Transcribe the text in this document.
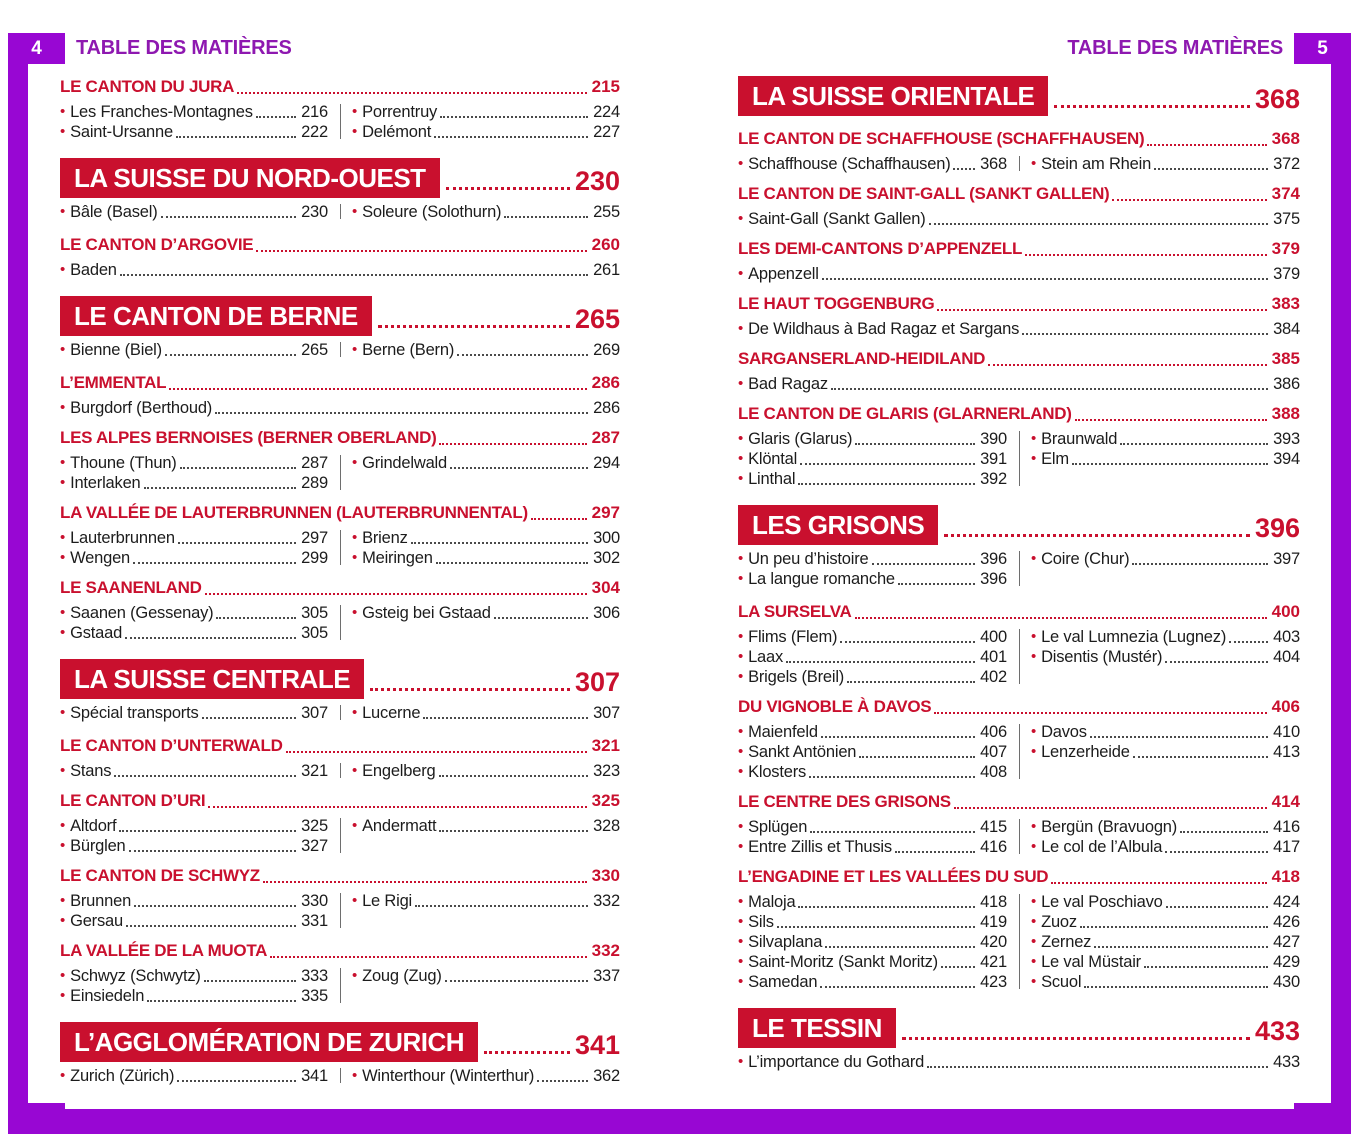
4 TABLE DES MATIÈRES	TABLE DES MATIÈRES 5
LE CANTON DU JURA	215
• Les Franches-Montagnes	216
• Saint-Ursanne	222
• Porrentruy	224
• Delémont	227
LA SUISSE DU NORD-OUEST	230
• Bâle (Basel)	230 • Soleure (Solothurn)	255
LE CANTON D’ARGOVIE	260
• Baden	261
LE CANTON DE BERNE	265
• Bienne (Biel)	265 • Berne (Bern)	269
L’EMMENTAL	286
• Burgdorf (Berthoud)	286
LES ALPES BERNOISES (BERNER OBERLAND)	287
• Thoune (Thun)	287
• Interlaken	289
• Grindelwald	294
LA VALLÉE DE LAUTERBRUNNEN (LAUTERBRUNNENTAL)	297
• Lauterbrunnen	297
• Wengen	299
• Brienz	300
• Meiringen	302
LE SAANENLAND	304
• Saanen (Gessenay)	305
• Gstaad	305
• Gsteig bei Gstaad	306
LA SUISSE CENTRALE	307
• Spécial transports	307 • Lucerne	307
LE CANTON D’UNTERWALD	321
• Stans	321 • Engelberg	323
LE CANTON D’URI	325
• Altdorf	325
• Bürglen	327
• Andermatt	328
LE CANTON DE SCHWYZ	330
• Brunnen	330
• Gersau	331
• Le Rigi	332
LA VALLÉE DE LA MUOTA	332
• Schwyz (Schwytz)	333
• Einsiedeln	335
• Zoug (Zug)	337
L’AGGLOMÉRATION DE ZURICH	341
• Zurich (Zürich)	341 • Winterthour (Winterthur)	362
LA SUISSE ORIENTALE	368
LE CANTON DE SCHAFFHOUSE (SCHAFFHAUSEN)	368
• Schaffhouse (Schaffhausen) 368 • Stein am Rhein	372
LE CANTON DE SAINT-GALL (SANKT GALLEN)	374
• Saint-Gall (Sankt Gallen)	375
LES DEMI-CANTONS D’APPENZELL	379
• Appenzell	379
LE HAUT TOGGENBURG	383
• De Wildhaus à Bad Ragaz et Sargans	384
SARGANSERLAND-HEIDILAND	385
• Bad Ragaz	386
LE CANTON DE GLARIS (GLARNERLAND)	388
• Glaris (Glarus)	390
• Klöntal	391
• Linthal	392
• Braunwald	393
• Elm	394
LES GRISONS	396
• Un peu d’histoire	396
• La langue romanche	396
• Coire (Chur)	397
LA SURSELVA	400
• Flims (Flem)	400
• Laax	401
• Brigels (Breil)	402
• Le val Lumnezia (Lugnez)	403
• Disentis (Mustér)	404
DU VIGNOBLE À DAVOS	406
• Maienfeld	406
• Sankt Antönien	407
• Klosters	408
• Davos	410
• Lenzerheide	413
LE CENTRE DES GRISONS	414
• Splügen	415
• Entre Zillis et Thusis	416
• Bergün (Bravuogn)	416
• Le col de l’Albula	417
L’ENGADINE ET LES VALLÉES DU SUD	418
• Maloja	418
• Sils	419
• Silvaplana	420
• Saint-Moritz (Sankt Moritz)	421
• Samedan	423
• Le val Poschiavo	424
• Zuoz	426
• Zernez	427
• Le val Müstair	429
• Scuol	430
LE TESSIN	433
• L’importance du Gothard	433
